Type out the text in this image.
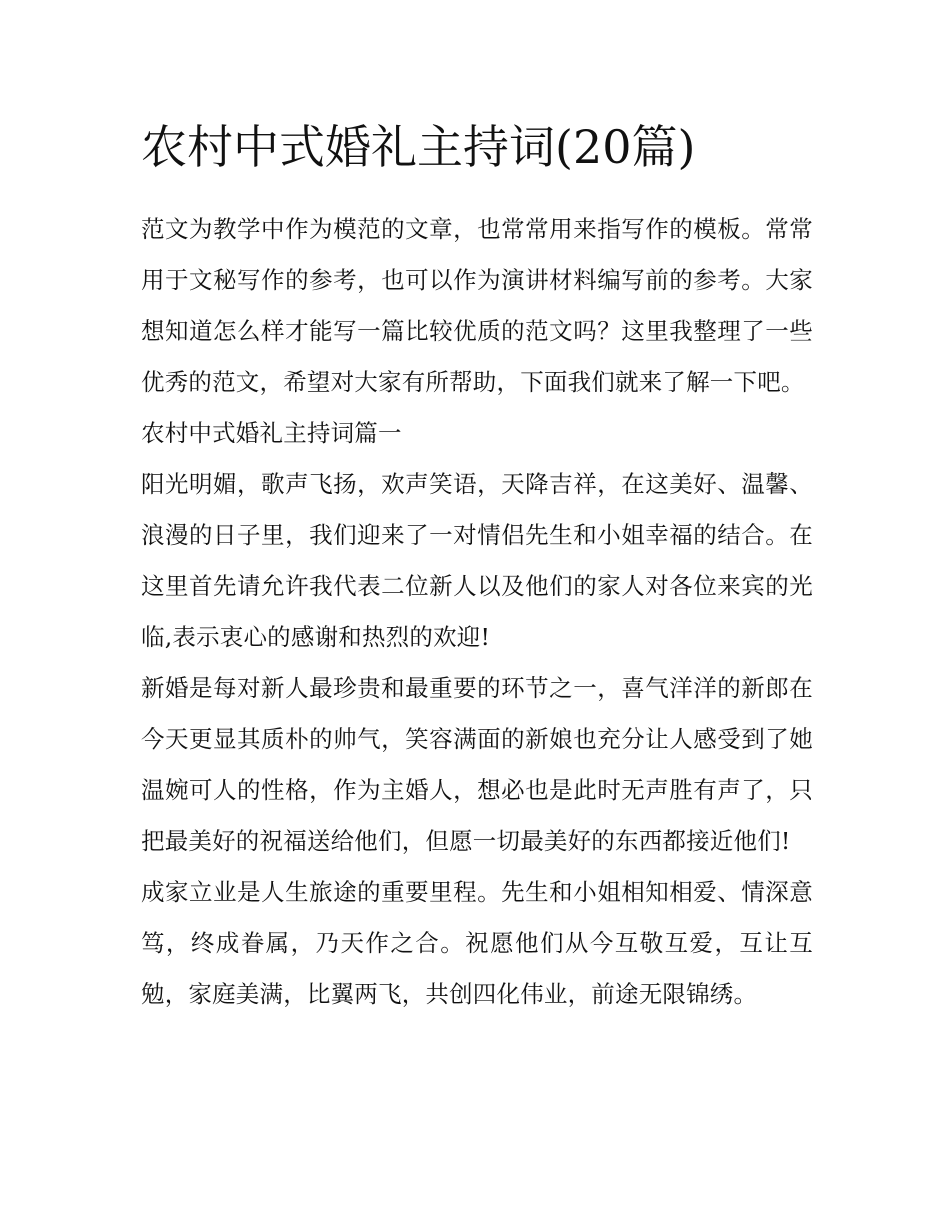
农村中式婚礼主持词(20篇)

范文为教学中作为模范的文章，也常常用来指写作的模板。常常用于文秘写作的参考，也可以作为演讲材料编写前的参考。大家想知道怎么样才能写一篇比较优质的范文吗？这里我整理了一些优秀的范文，希望对大家有所帮助，下面我们就来了解一下吧。

农村中式婚礼主持词篇一

阳光明媚，歌声飞扬，欢声笑语，天降吉祥，在这美好、温馨、浪漫的日子里，我们迎来了一对情侣先生和小姐幸福的结合。在这里首先请允许我代表二位新人以及他们的家人对各位来宾的光临,表示衷心的感谢和热烈的欢迎!

新婚是每对新人最珍贵和最重要的环节之一，喜气洋洋的新郎在今天更显其质朴的帅气，笑容满面的新娘也充分让人感受到了她温婉可人的性格，作为主婚人，想必也是此时无声胜有声了，只把最美好的祝福送给他们，但愿一切最美好的东西都接近他们!

成家立业是人生旅途的重要里程。先生和小姐相知相爱、情深意笃，终成眷属，乃天作之合。祝愿他们从今互敬互爱，互让互勉，家庭美满，比翼两飞，共创四化伟业，前途无限锦绣。
